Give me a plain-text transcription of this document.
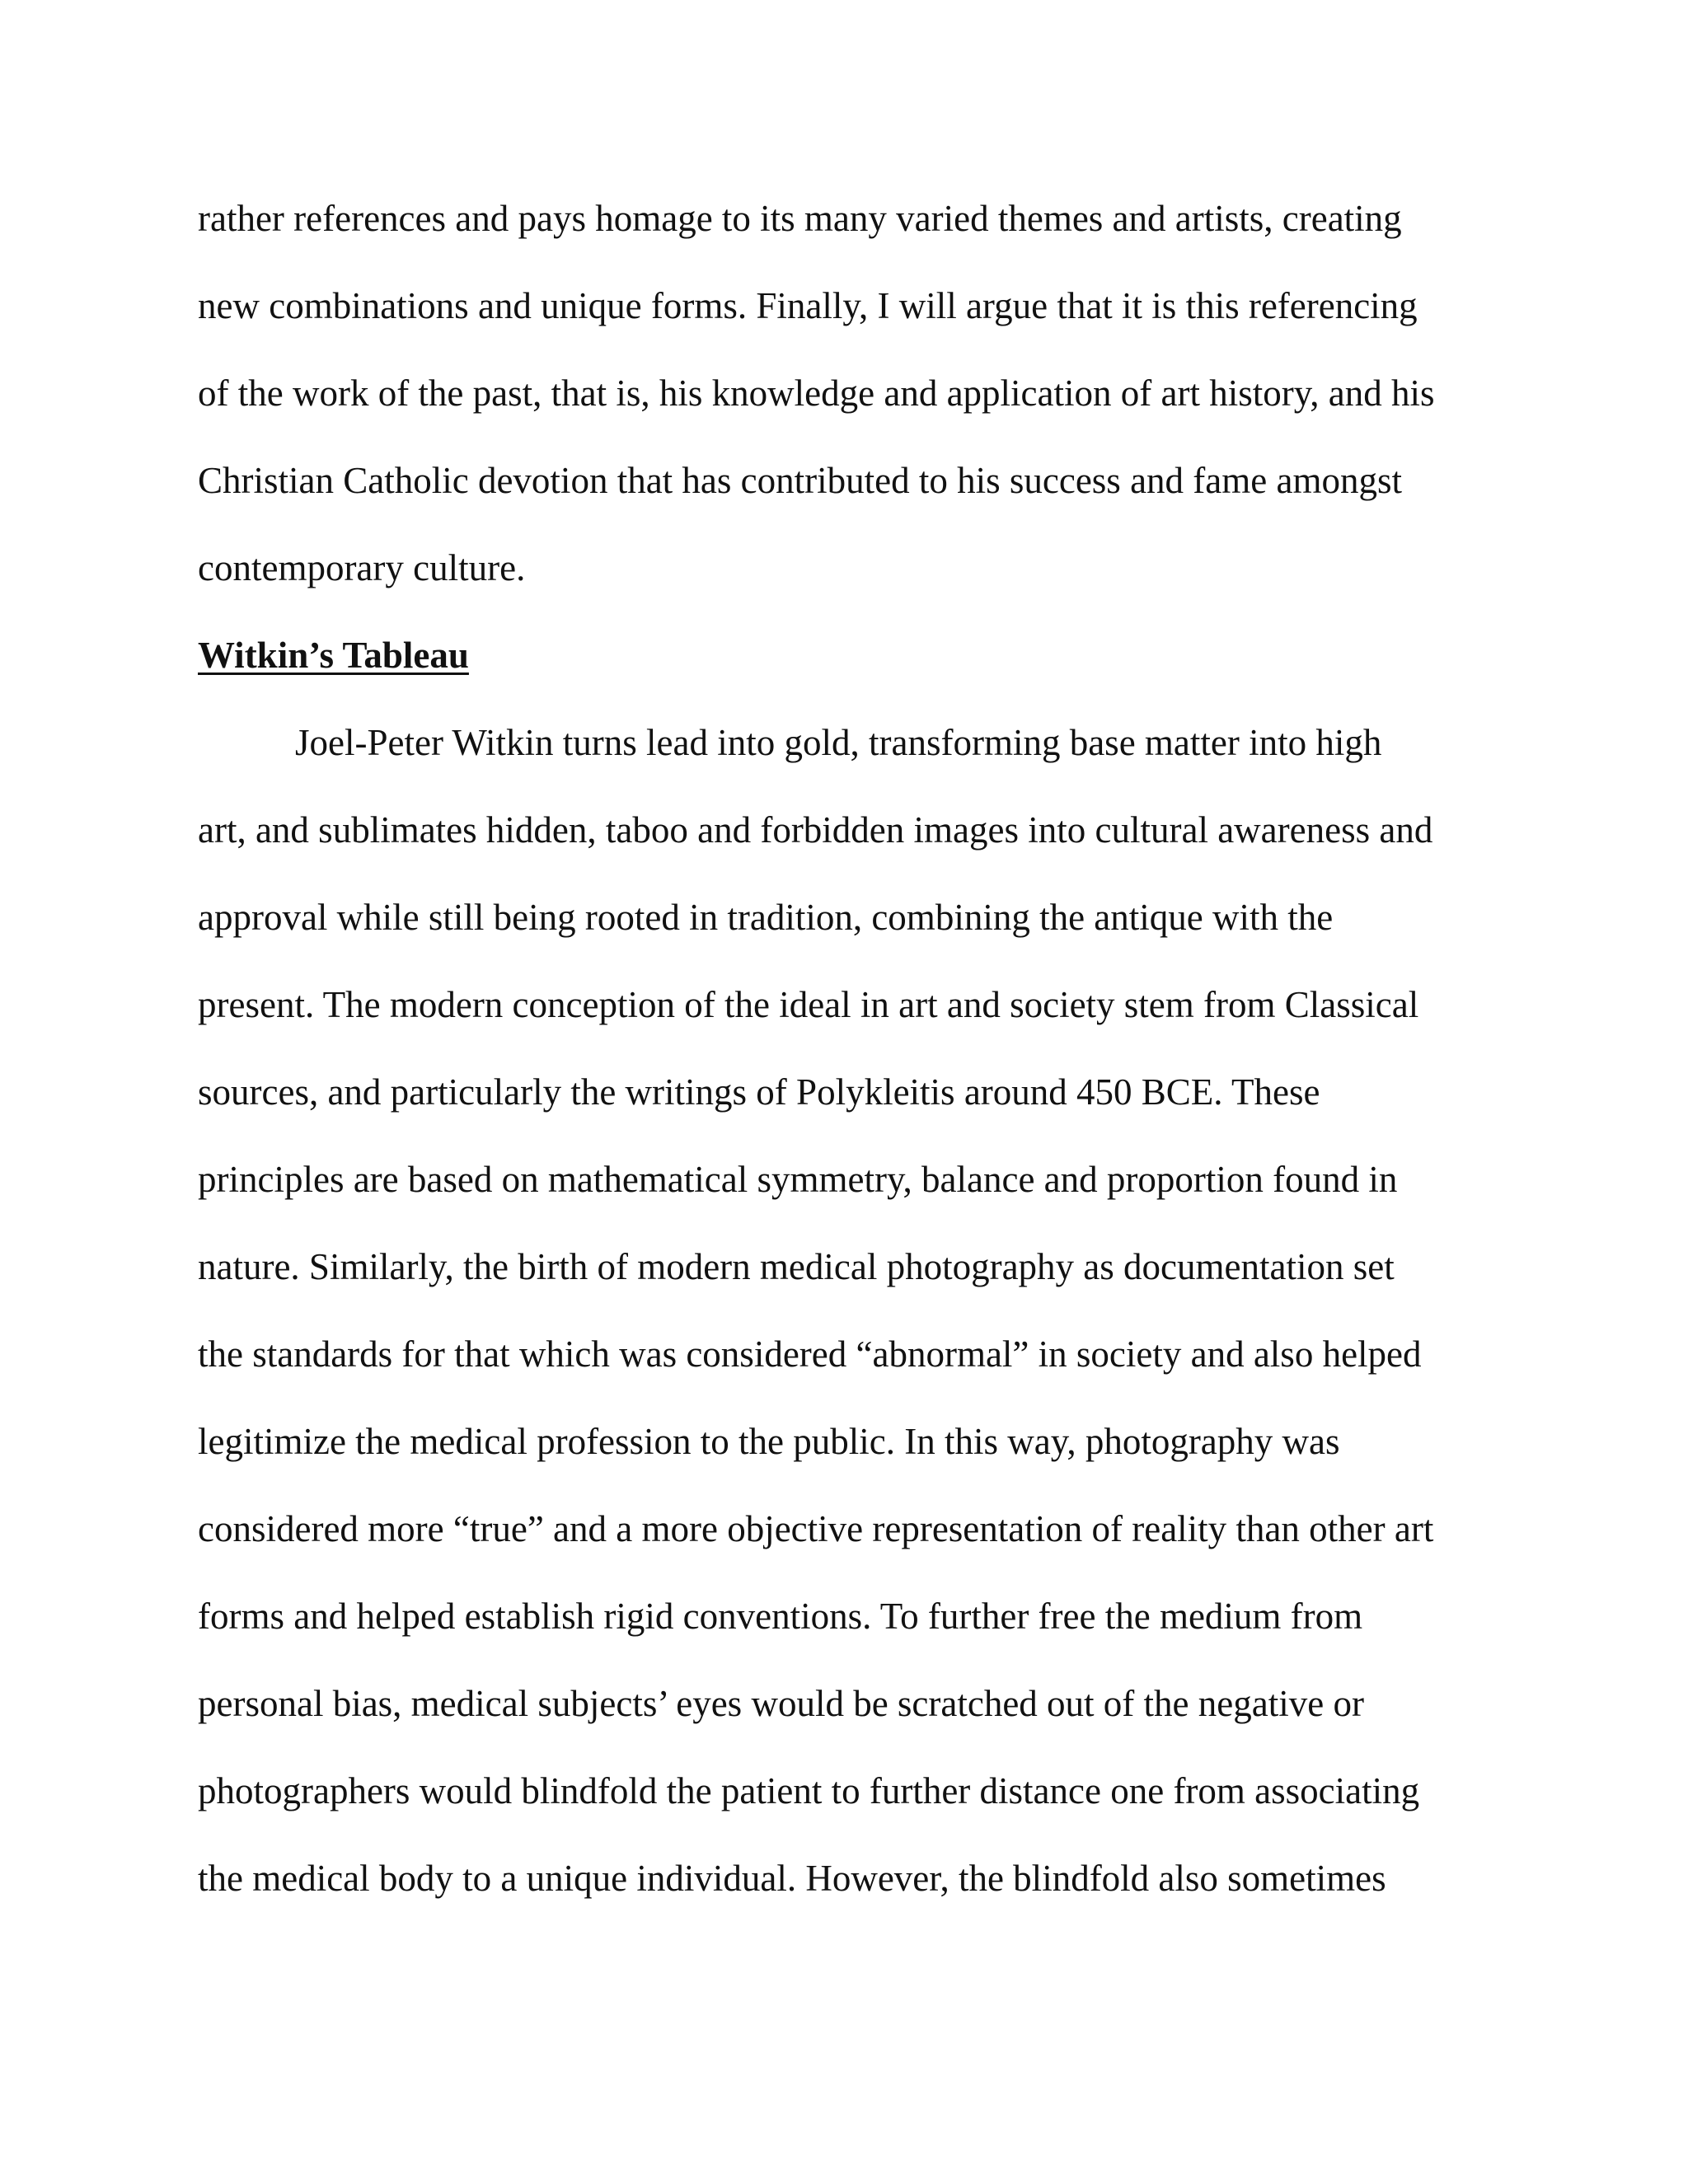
rather references and pays homage to its many varied themes and artists, creating
new combinations and unique forms. Finally, I will argue that it is this referencing
of the work of the past, that is, his knowledge and application of art history, and his
Christian Catholic devotion that has contributed to his success and fame amongst
contemporary culture.
Witkin’s Tableau
Joel-Peter Witkin turns lead into gold, transforming base matter into high
art, and sublimates hidden, taboo and forbidden images into cultural awareness and
approval while still being rooted in tradition, combining the antique with the
present. The modern conception of the ideal in art and society stem from Classical
sources, and particularly the writings of Polykleitis around 450 BCE. These
principles are based on mathematical symmetry, balance and proportion found in
nature. Similarly, the birth of modern medical photography as documentation set
the standards for that which was considered “abnormal” in society and also helped
legitimize the medical profession to the public. In this way, photography was
considered more “true” and a more objective representation of reality than other art
forms and helped establish rigid conventions. To further free the medium from
personal bias, medical subjects’ eyes would be scratched out of the negative or
photographers would blindfold the patient to further distance one from associating
the medical body to a unique individual. However, the blindfold also sometimes
